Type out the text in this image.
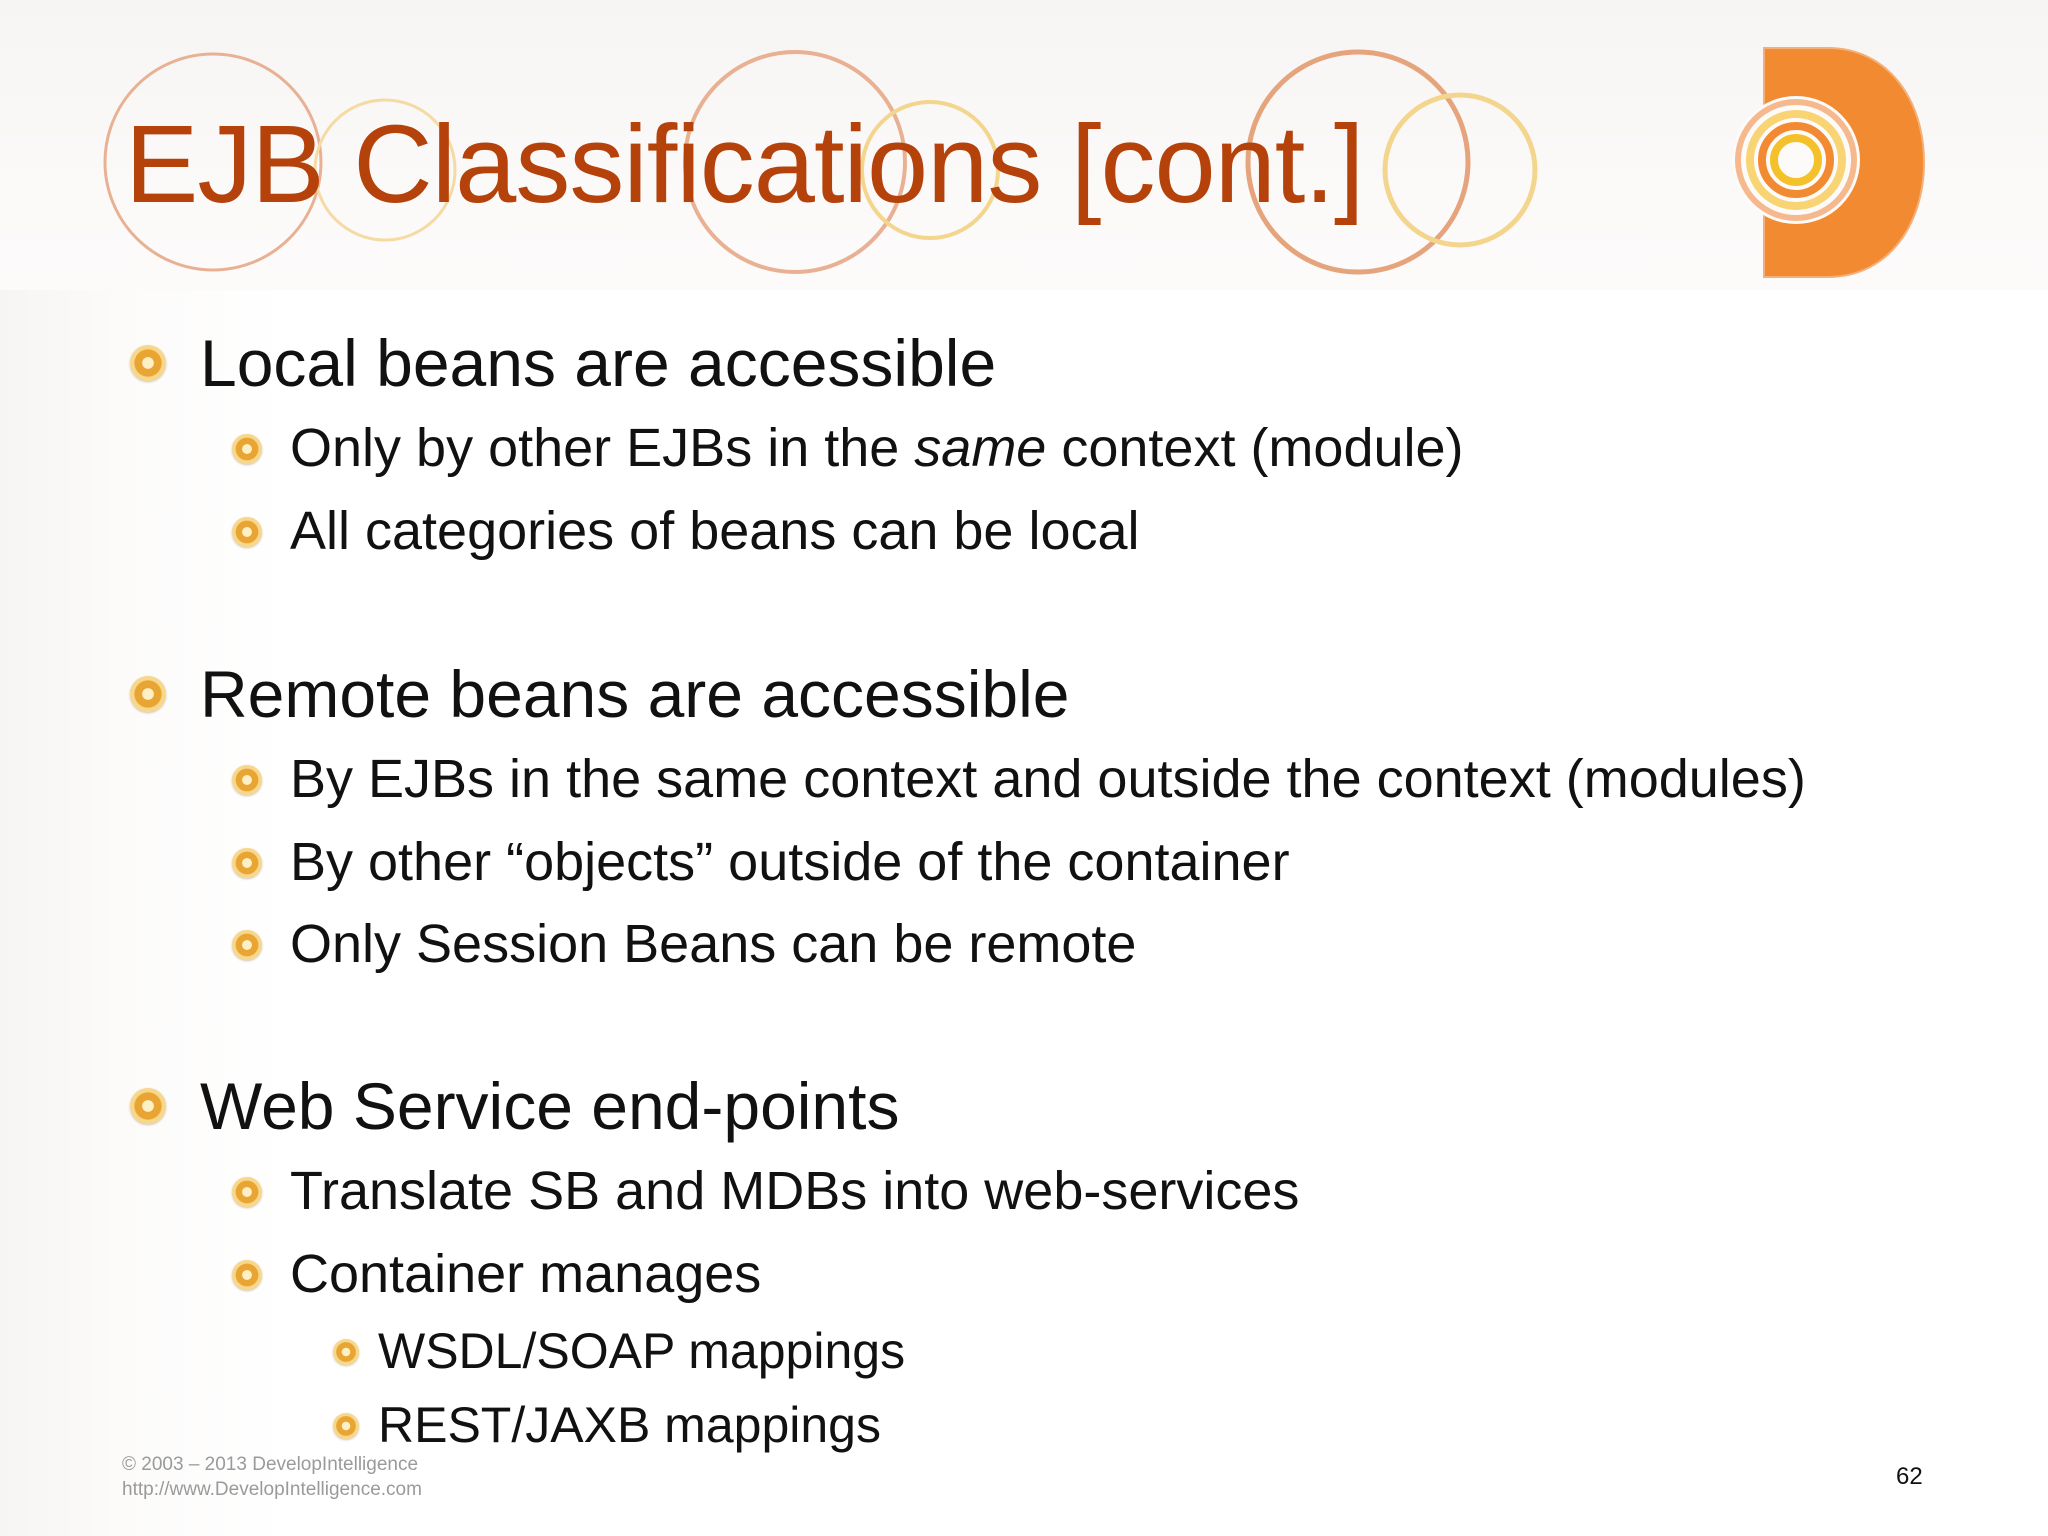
EJB Classifications [cont.]
Local beans are accessible
Only by other EJBs in the same context (module)
All categories of beans can be local
Remote beans are accessible
By EJBs in the same context and outside the context (modules)
By other “objects” outside of the container
Only Session Beans can be remote
Web Service end-points
Translate SB and MDBs into web-services
Container manages
WSDL/SOAP mappings
REST/JAXB mappings
© 2003 – 2013 DevelopIntelligence
http://www.DevelopIntelligence.com	62
